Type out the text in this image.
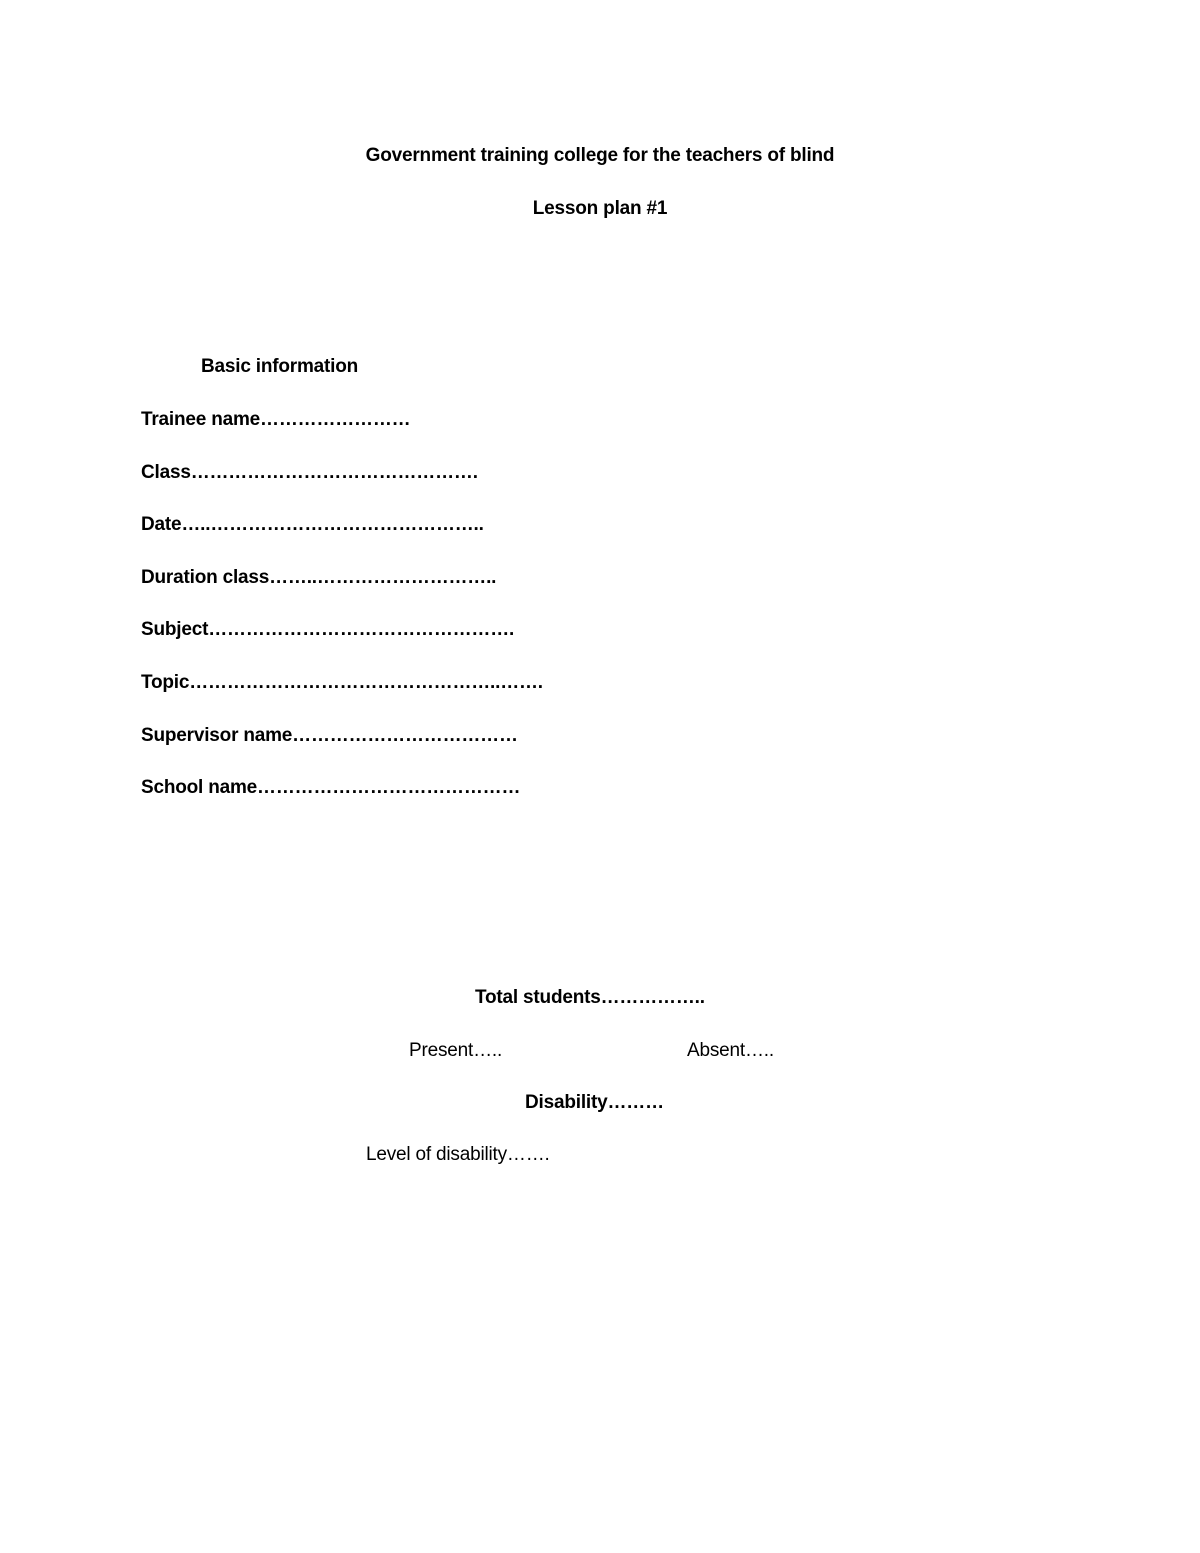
Government training college for the teachers of blind
Lesson plan #1
Basic information
Trainee name……………………
Class……………………………………….
Date…..……………………………………..
Duration class……..………………………..
Subject………………………………………….
Topic…………………………………………..…….
Supervisor name………………………………
School name……………………………………
Total students……………..
Present…..	Absent…..
Disability………
Level of disability…….
